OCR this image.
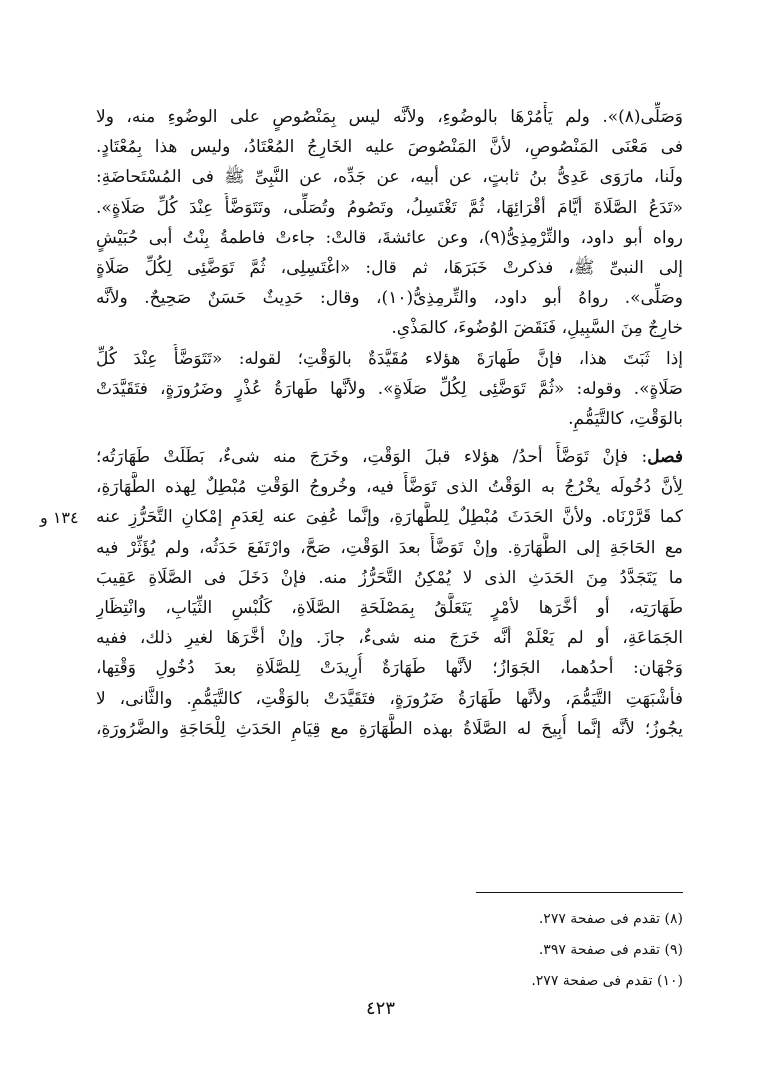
وَصَلِّى(٨)». ولم يَأْمُرْهَا بالوضُوءِ، ولأنَّه ليس بِمَنْصُوصٍ على الوضُوءِ منه، ولا
فى مَعْنَى المَنْصُوصِ، لأنَّ المَنْصُوصَ عليه الخَارِجُ المُعْتَادُ، وليس هذا بِمُعْتَادٍ.
ولَنا، مارَوَى عَدِىُّ بنُ ثابتٍ، عن أبيه، عن جَدِّه، عن النَّبِىِّ ﷺ فى المُسْتَحاضَةِ:
«تَدَعُ الصَّلَاةَ أيَّامَ أقْرَائِهَا، ثُمَّ تَغْتَسِلُ، وتَصُومُ وتُصَلِّى، وتَتَوَضَّأُ عِنْدَ كُلِّ صَلَاةٍ».
رواه أبو داود، والتِّرْمِذِىُّ(٩)، وعن عائشةَ، قالتْ: جاءتْ فاطمةُ بِنْتُ أبى حُبَيْشٍ
إلى النبىِّ ﷺ، فذكرتْ خَبَرَهَا، ثم قال: «اغْتَسِلِى، ثُمَّ تَوَضَّئِى لِكُلِّ صَلَاةٍ
وصَلِّى». رواهُ أبو داود، والتِّرمِذِىُّ(١٠)، وقال: حَدِيثٌ حَسَنٌ صَحِيحٌ. ولأنَّه
خارِجٌ مِنَ السَّبِيلِ، فَنَقَضَ الوُضُوءَ، كالمَذْىِ.
إذا ثَبَتَ هذا، فإنَّ طَهارَةَ هؤلاء مُقَيَّدَةٌ بالوَقْتِ؛ لقوله: «تَتَوَضَّأُ عِنْدَ كُلِّ
صَلَاةٍ». وقوله: «ثُمَّ تَوَضَّئِى لِكُلِّ صَلَاةٍ». ولأنَّها طَهارَةُ عُذْرٍ وضَرُورَةٍ، فتَقَيَّدَتْ
بالوَقْتِ، كالتَّيَمُّمِ.
فصل: فإنْ تَوَضَّأَ أحدُ/ هؤلاء قبلَ الوَقْتِ، وخَرَجَ منه شىءٌ، بَطَلَتْ طَهَارَتُه؛
لِأنَّ دُخُولَه يخْرُجُ به الوَقْتُ الذى تَوَضَّأَ فيه، وخُروجُ الوَقْتِ مُبْطِلٌ لِهذه الطَّهَارَةِ،
كما قَرَّرْنَاه. ولأنَّ الحَدَثَ مُبْطِلٌ لِلطَّهارَةِ، وإنَّما عُفِىَ عنه لِعَدَمِ إمْكانِ التَّحَرُّزِ عنه
مع الحَاجَةِ إلى الطَّهَارَةِ. وإنْ تَوَضَّأَ بعدَ الوَقْتِ، صَحَّ، وارْتَفَعَ حَدَثُه، ولم يُؤَثِّرْ فيه
ما يَتَجَدَّدُ مِنَ الحَدَثِ الذى لا يُمْكِنُ التَّحَرُّزُ منه. فإنْ دَخَلَ فى الصَّلَاةِ عَقِيبَ
طَهَارَتِه، أو أخَّرَها لأمْرٍ يَتَعَلَّقُ بِمَصْلَحَةِ الصَّلَاةِ، كَلُبْسِ الثِّيَابِ، وانْتِظَارِ
الجَمَاعَةِ، أو لم يَعْلَمْ أنَّه خَرَجَ منه شىءٌ، جازَ. وإنْ أخَّرَهَا لغيرِ ذلك، ففيه
وَجْهَان: أحدُهما، الجَوَازُ؛ لأنَّها طَهَارَةٌ أُرِيدَتْ لِلصَّلَاةِ بعدَ دُخُولِ وَقْتِها،
فأشْبَهَتِ التَّيَمُّمَ، ولأنَّها طَهَارَةُ ضَرُورَةٍ، فتَقَيَّدَتْ بالوَقْتِ، كالتَّيَمُّمِ. والثَّانى، لا
يجُوزُ؛ لأنَّه إنَّما أُبِيحَ له الصَّلَاةُ بهذه الطَّهَارَةِ مع قِيَامِ الحَدَثِ لِلْحَاجَةِ والضَّرُورَةِ،
١٣٤ و
(٨) تقدم فى صفحة ٢٧٧.
(٩) تقدم فى صفحة ٣٩٧.
(١٠) تقدم فى صفحة ٢٧٧.
٤٢٣
